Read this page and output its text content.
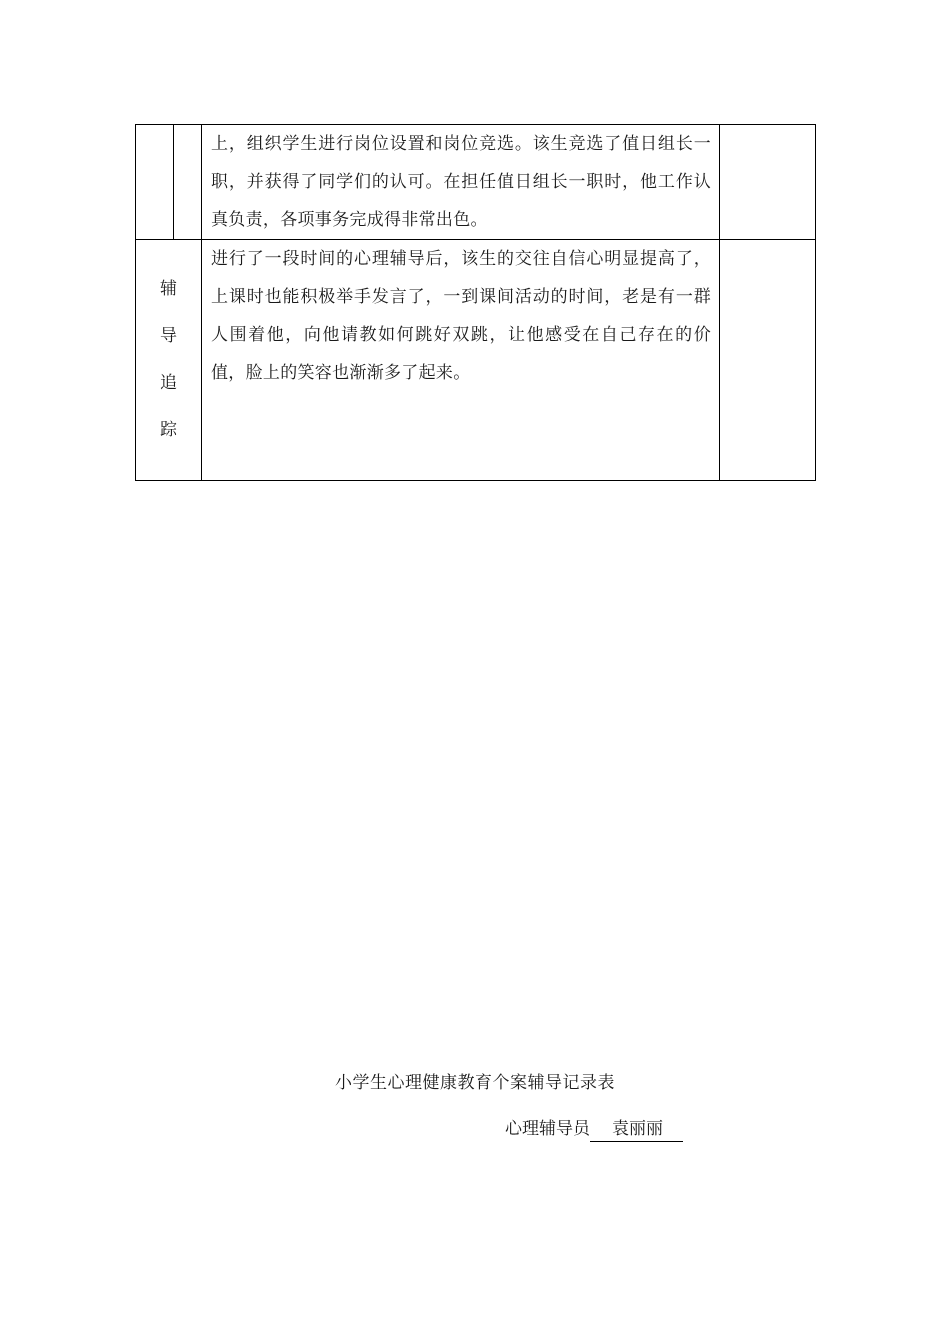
		上，组织学生进行岗位设置和岗位竞选。该生竞选了值日组长一职，并获得了同学们的认可。在担任值日组长一职时，他工作认真负责，各项事务完成得非常出色。	

辅
导
追
踪		进行了一段时间的心理辅导后，该生的交往自信心明显提高了，上课时也能积极举手发言了，一到课间活动的时间，老是有一群人围着他，向他请教如何跳好双跳，让他感受在自己存在的价值，脸上的笑容也渐渐多了起来。	
小学生心理健康教育个案辅导记录表
心理辅导员 袁丽丽
